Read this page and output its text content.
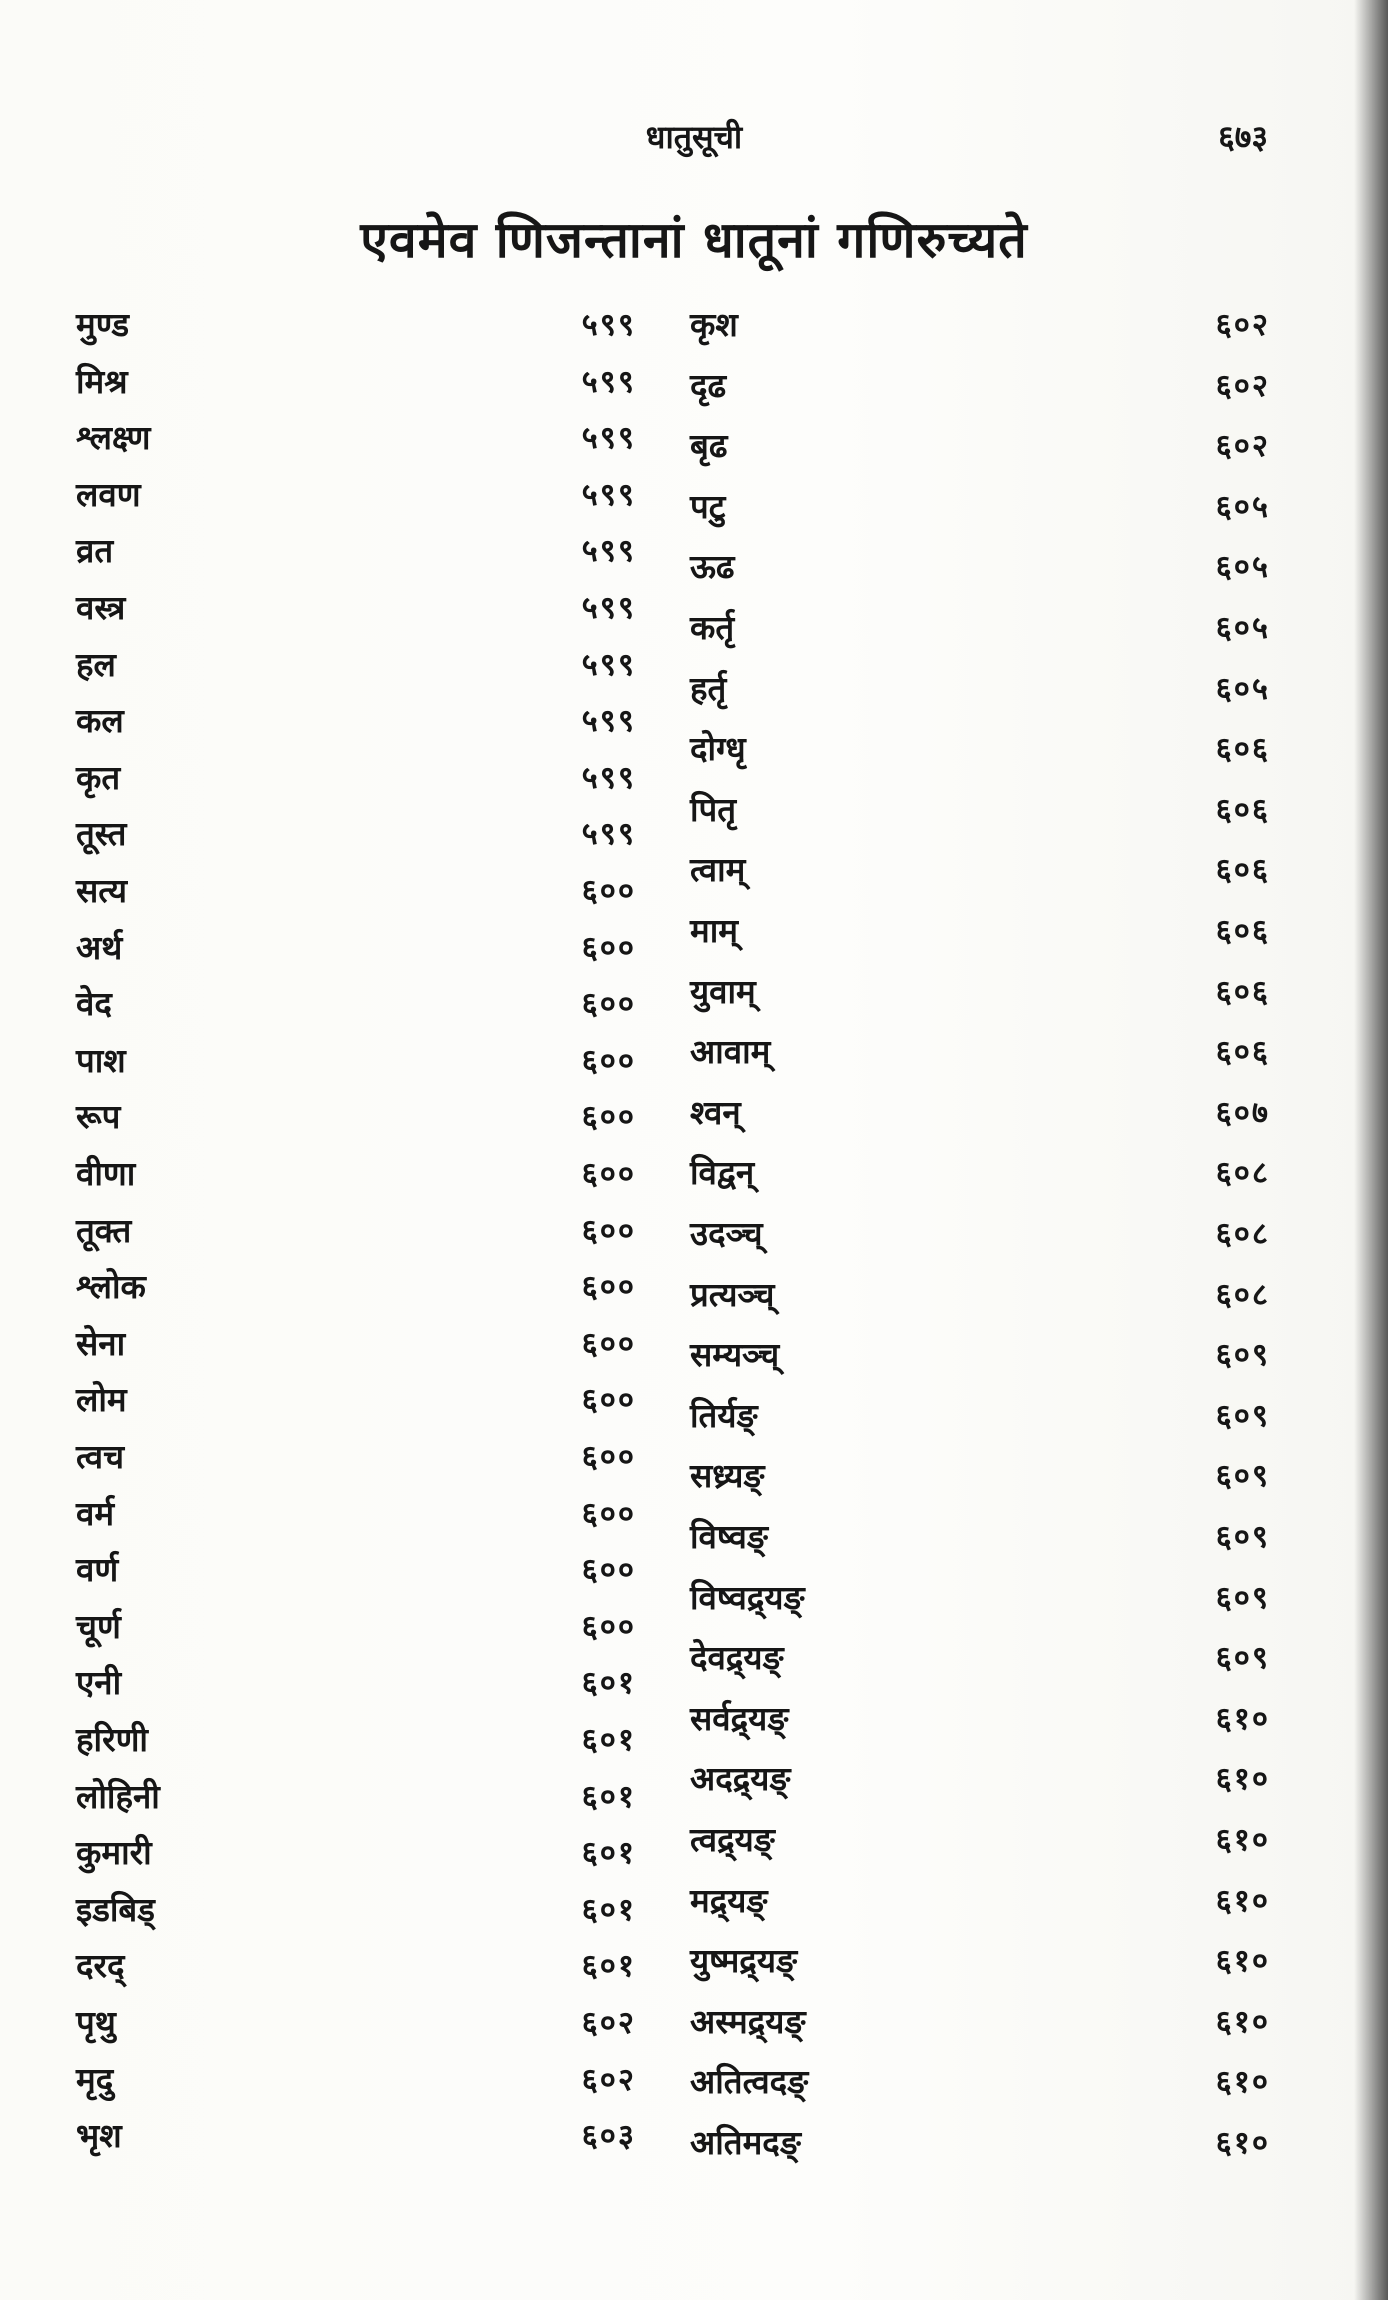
धातुसूची	६७३
एवमेव णिजन्तानां धातूनां गणिरुच्यते
मुण्ड	५९९
मिश्र	५९९
श्लक्ष्ण	५९९
लवण	५९९
व्रत	५९९
वस्त्र	५९९
हल	५९९
कल	५९९
कृत	५९९
तूस्त	५९९
सत्य	६००
अर्थ	६००
वेद	६००
पाश	६००
रूप	६००
वीणा	६००
तूक्त	६००
श्लोक	६००
सेना	६००
लोम	६००
त्वच	६००
वर्म	६००
वर्ण	६००
चूर्ण	६००
एनी	६०१
हरिणी	६०१
लोहिनी	६०१
कुमारी	६०१
इडबिड्	६०१
दरद्	६०१
पृथु	६०२
मृदु	६०२
भृश	६०३
कृश	६०२
दृढ	६०२
बृढ	६०२
पटु	६०५
ऊढ	६०५
कर्तृ	६०५
हर्तृ	६०५
दोग्धृ	६०६
पितृ	६०६
त्वाम्	६०६
माम्	६०६
युवाम्	६०६
आवाम्	६०६
श्वन्	६०७
विद्वन्	६०८
उदञ्च्	६०८
प्रत्यञ्च्	६०८
सम्यञ्च्	६०९
तिर्यङ्	६०९
सध्र्यङ्	६०९
विष्वङ्	६०९
विष्वद्र्यङ्	६०९
देवद्र्यङ्	६०९
सर्वद्र्यङ्	६१०
अदद्र्यङ्	६१०
त्वद्र्यङ्	६१०
मद्र्यङ्	६१०
युष्मद्र्यङ्	६१०
अस्मद्र्यङ्	६१०
अतित्वदङ्	६१०
अतिमदङ्	६१०
